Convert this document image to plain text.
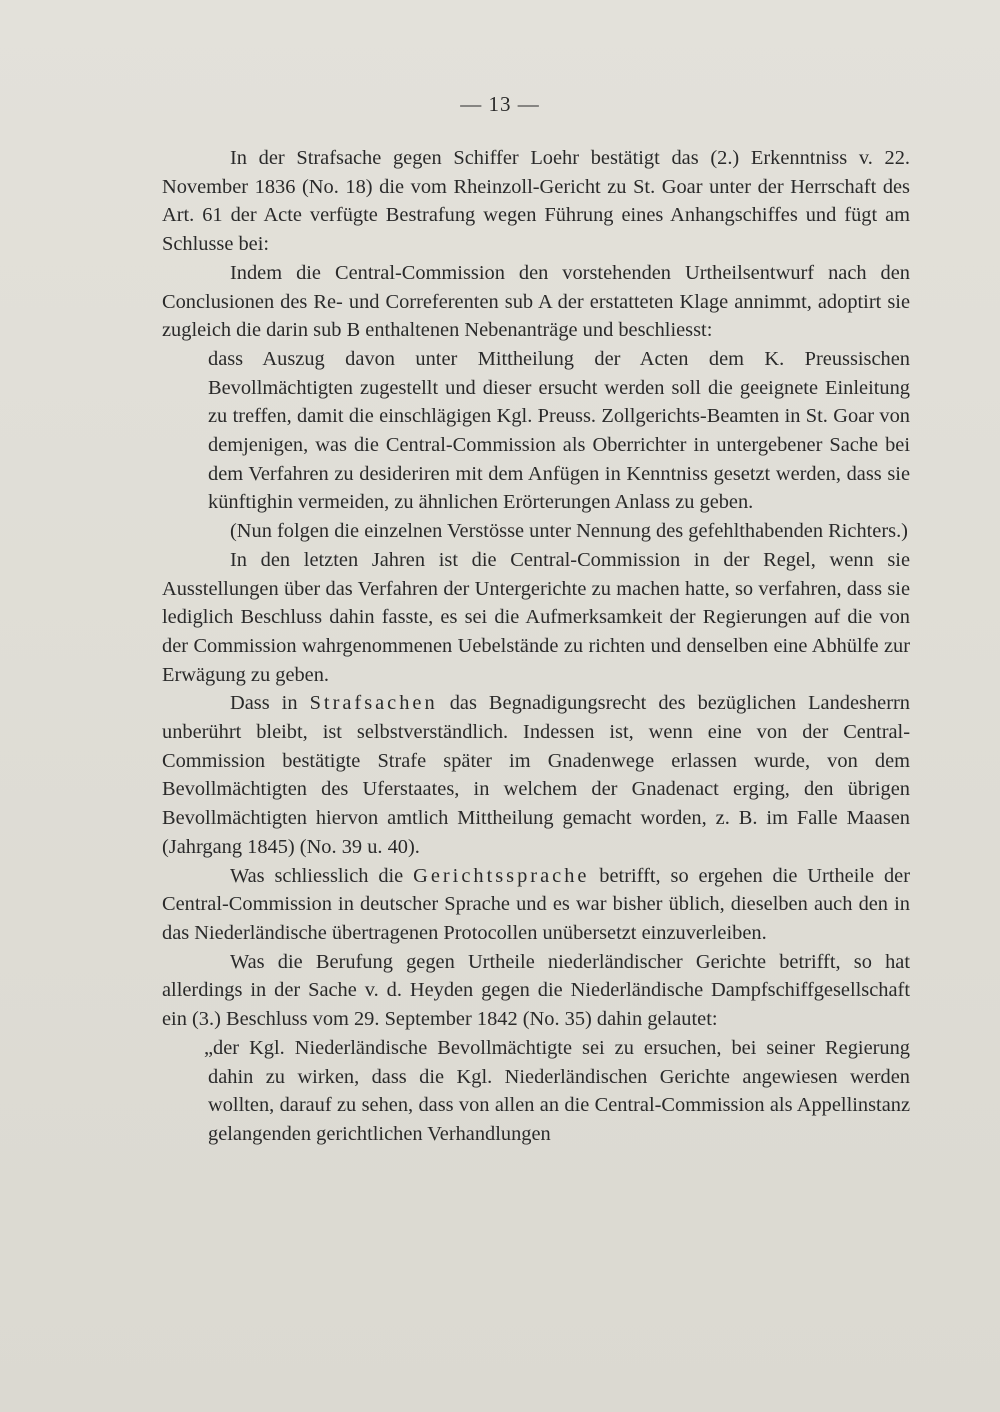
— 13 —

In der Strafsache gegen Schiffer Loehr bestätigt das (2.) Erkenntniss v. 22. November 1836 (No. 18) die vom Rheinzoll-Gericht zu St. Goar unter der Herrschaft des Art. 61 der Acte verfügte Bestrafung wegen Führung eines Anhangschiffes und fügt am Schlusse bei:

Indem die Central-Commission den vorstehenden Urtheilsentwurf nach den Conclusionen des Re- und Correferenten sub A der erstatteten Klage annimmt, adoptirt sie zugleich die darin sub B enthaltenen Nebenanträge und beschliesst:

dass Auszug davon unter Mittheilung der Acten dem K. Preussischen Bevollmächtigten zugestellt und dieser ersucht werden soll die geeignete Einleitung zu treffen, damit die einschlägigen Kgl. Preuss. Zollgerichts-Beamten in St. Goar von demjenigen, was die Central-Commission als Oberrichter in untergebener Sache bei dem Verfahren zu desideriren mit dem Anfügen in Kenntniss gesetzt werden, dass sie künftighin vermeiden, zu ähnlichen Erörterungen Anlass zu geben.

(Nun folgen die einzelnen Verstösse unter Nennung des gefehlthabenden Richters.)

In den letzten Jahren ist die Central-Commission in der Regel, wenn sie Ausstellungen über das Verfahren der Untergerichte zu machen hatte, so verfahren, dass sie lediglich Beschluss dahin fasste, es sei die Aufmerksamkeit der Regierungen auf die von der Commission wahrgenommenen Uebelstände zu richten und denselben eine Abhülfe zur Erwägung zu geben.

Dass in Strafsachen das Begnadigungsrecht des bezüglichen Landesherrn unberührt bleibt, ist selbstverständlich. Indessen ist, wenn eine von der Central-Commission bestätigte Strafe später im Gnadenwege erlassen wurde, von dem Bevollmächtigten des Uferstaates, in welchem der Gnadenact erging, den übrigen Bevollmächtigten hiervon amtlich Mittheilung gemacht worden, z. B. im Falle Maasen (Jahrgang 1845) (No. 39 u. 40).

Was schliesslich die Gerichtssprache betrifft, so ergehen die Urtheile der Central-Commission in deutscher Sprache und es war bisher üblich, dieselben auch den in das Niederländische übertragenen Protocollen unübersetzt einzuverleiben.

Was die Berufung gegen Urtheile niederländischer Gerichte betrifft, so hat allerdings in der Sache v. d. Heyden gegen die Niederländische Dampfschiffgesellschaft ein (3.) Beschluss vom 29. September 1842 (No. 35) dahin gelautet:

„der Kgl. Niederländische Bevollmächtigte sei zu ersuchen, bei seiner Regierung dahin zu wirken, dass die Kgl. Niederländischen Gerichte angewiesen werden wollten, darauf zu sehen, dass von allen an die Central-Commission als Appellinstanz gelangenden gerichtlichen Verhandlungen
